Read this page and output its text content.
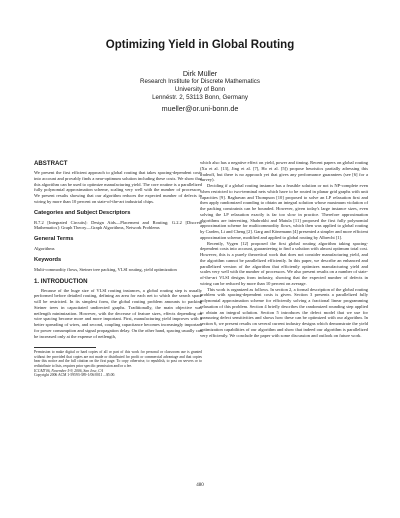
Optimizing Yield in Global Routing
Dirk Müller
Research Institute for Discrete Mathematics
University of Bonn
Lennéstr. 2, 53113 Bonn, Germany
mueller@or.uni-bonn.de
ABSTRACT

We present the first efficient approach to global routing that takes spacing-dependent costs into account and provably finds a near-optimum solution including these costs. We show that this algorithm can be used to optimize manufacturing yield. The core routine is a parallelized fully polynomial approximation scheme, scaling very well with the number of processors. We present results showing that our algorithm reduces the expected number of defects in wiring by more than 10 percent on state-of-the-art industrial chips.

Categories and Subject Descriptors

B.7.2 [Integrated Circuits]: Design Aids—Placement and Routing; G.2.2 [Discrete Mathematics]: Graph Theory—Graph Algorithms, Network Problems

General Terms

Algorithms

Keywords

Multi-commodity flows, Steiner tree packing, VLSI routing, yield optimization

1. INTRODUCTION

Because of the huge size of VLSI routing instances, a global routing step is usually performed before detailed routing, defining an area for each net to which the search space will be restricted. In its simplest form, the global routing problem amounts to packing Steiner trees in capacitated undirected graphs. Traditionally, the main objective was netlength minimization. However, with the decrease of feature sizes, effects depending on wire spacing become more and more important. First, manufacturing yield improves with a better spreading of wires, and second, coupling capacitance becomes increasingly important for power consumption and signal propagation delay. On the other hand, spacing usually can be increased only at the expense of netlength,

Permission to make digital or hard copies of all or part of this work for personal or classroom use is granted without fee provided that copies are not made or distributed for profit or commercial advantage and that copies bear this notice and the full citation on the first page. To copy otherwise, to republish, to post on servers or to redistribute to lists, requires prior specific permission and/or a fee.

ICCAD'06, November 5-9, 2006, San Jose, CA

Copyright 2006 ACM 1-59593-389-1/06/0011 ...$5.00.

which also has a negative effect on yield, power and timing. Recent papers on global routing (Xu et al. [13], Jing et al. [7], Ho et al. [5]) propose heuristics partially adressing this tradeoff, but there is no approach yet that gives any performance guarantees (see [6] for a survey).

Deciding if a global routing instance has a feasible solution or not is NP-complete even when restricted to two-terminal nets which have to be routed in planar grid graphs with unit capacities [9]. Raghavan and Thompson [10] proposed to solve an LP relaxation first and then apply randomized rounding to obtain an integral solution whose maximum violation of the packing constraints can be bounded. However, given today's large instance sizes, even solving the LP relaxation exactly is far too slow in practice. Therefore approximation algorithms are interesting. Shahrokhi and Matula [11] proposed the first fully polynomial approximation scheme for multicommodity flows, which then was applied to global routing by Carden, Li and Cheng [2]. Garg and Könemann [4] presented a simpler and more efficient approximation scheme, modified and applied to global routing by Albrecht [1].

Recently, Vygen [12] proposed the first global routing algorithm taking spacing-dependent costs into account, guaranteeing to find a solution with almost optimum total cost. However, this is a purely theoretical work that does not consider manufacturing yield, and the algorithm cannot be parallelized efficiently. In this paper, we describe an enhanced and parallelized version of the algorithm that efficiently optimizes manufacturing yield and scales very well with the number of processors. We also present results on a number of state-of-the-art VLSI designs from industry, showing that the expected number of defects in wiring can be reduced by more than 10 percent on average.

This work is organized as follows. In section 2, a formal description of the global routing problem with spacing-dependent costs is given. Section 3 presents a parallelized fully polynomial approximation scheme for efficiently solving a fractional linear programming relaxation of this problem. Section 4 briefly describes the randomized rounding step applied to obtain an integral solution. Section 5 introduces the defect model that we use for measuring defect sensitivities and shows how these can be optimized with our algorithm. In section 6, we present results on several current industry designs which demonstrate the yield optimization capabilities of our algorithm and show that indeed our algorithm is parallelized very efficiently. We conclude the paper with some discussion and outlook on future work.

480
